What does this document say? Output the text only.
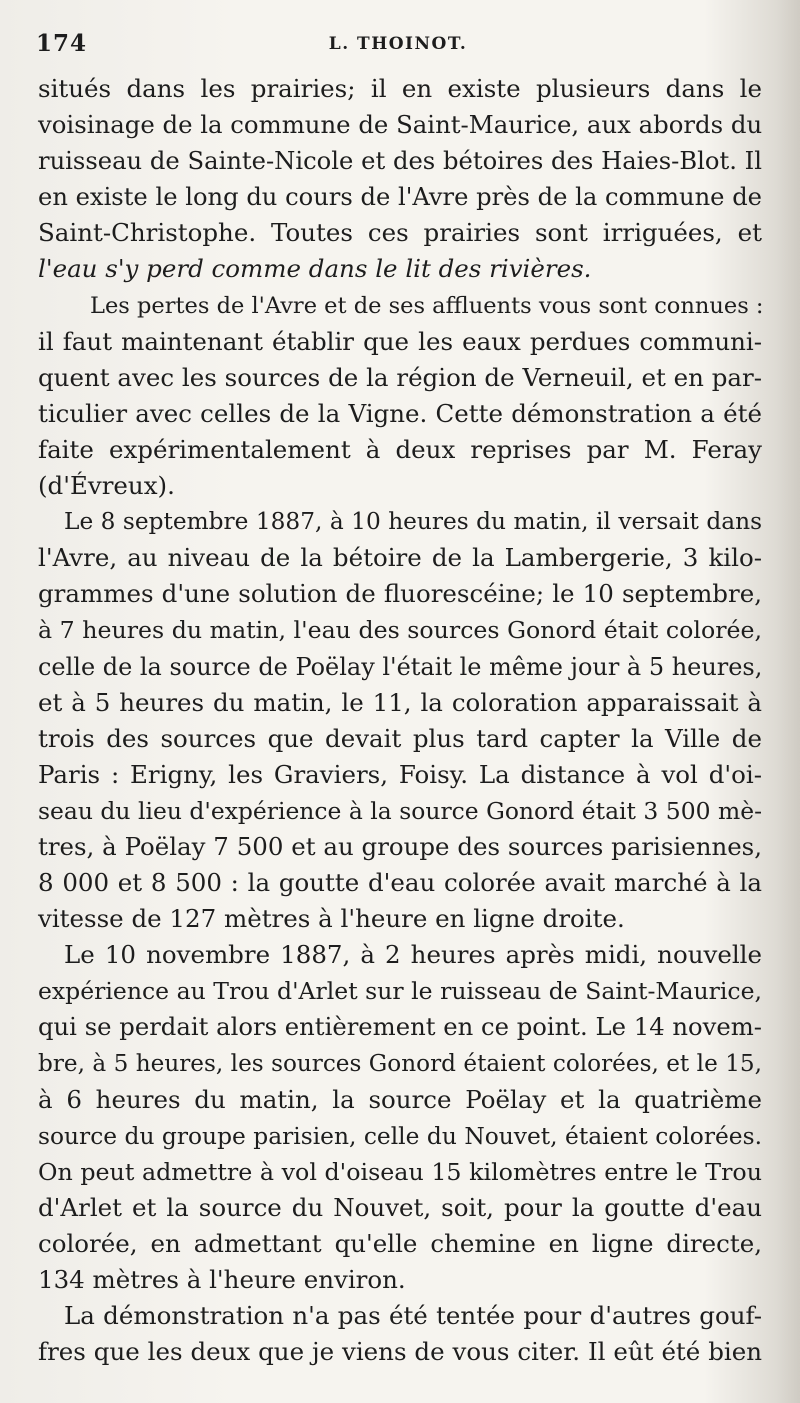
174	L. THOINOT.

situés dans les prairies; il en existe plusieurs dans le
voisinage de la commune de Saint-Maurice, aux abords du
ruisseau de Sainte-Nicole et des bétoires des Haies-Blot. Il
en existe le long du cours de l'Avre près de la commune de
Saint-Christophe. Toutes ces prairies sont irriguées, et
l'eau s'y perd comme dans le lit des rivières.

Les pertes de l'Avre et de ses affluents vous sont connues :
il faut maintenant établir que les eaux perdues communi-
quent avec les sources de la région de Verneuil, et en par-
ticulier avec celles de la Vigne. Cette démonstration a été
faite expérimentalement à deux reprises par M. Feray
(d'Évreux).

Le 8 septembre 1887, à 10 heures du matin, il versait dans
l'Avre, au niveau de la bétoire de la Lambergerie, 3 kilo-
grammes d'une solution de fluorescéine; le 10 septembre,
à 7 heures du matin, l'eau des sources Gonord était colorée,
celle de la source de Poëlay l'était le même jour à 5 heures,
et à 5 heures du matin, le 11, la coloration apparaissait à
trois des sources que devait plus tard capter la Ville de
Paris : Erigny, les Graviers, Foisy. La distance à vol d'oi-
seau du lieu d'expérience à la source Gonord était 3 500 mè-
tres, à Poëlay 7 500 et au groupe des sources parisiennes,
8 000 et 8 500 : la goutte d'eau colorée avait marché à la
vitesse de 127 mètres à l'heure en ligne droite.

Le 10 novembre 1887, à 2 heures après midi, nouvelle
expérience au Trou d'Arlet sur le ruisseau de Saint-Maurice,
qui se perdait alors entièrement en ce point. Le 14 novem-
bre, à 5 heures, les sources Gonord étaient colorées, et le 15,
à 6 heures du matin, la source Poëlay et la quatrième
source du groupe parisien, celle du Nouvet, étaient colorées.
On peut admettre à vol d'oiseau 15 kilomètres entre le Trou
d'Arlet et la source du Nouvet, soit, pour la goutte d'eau
colorée, en admettant qu'elle chemine en ligne directe,
134 mètres à l'heure environ.

La démonstration n'a pas été tentée pour d'autres gouf-
fres que les deux que je viens de vous citer. Il eût été bien
